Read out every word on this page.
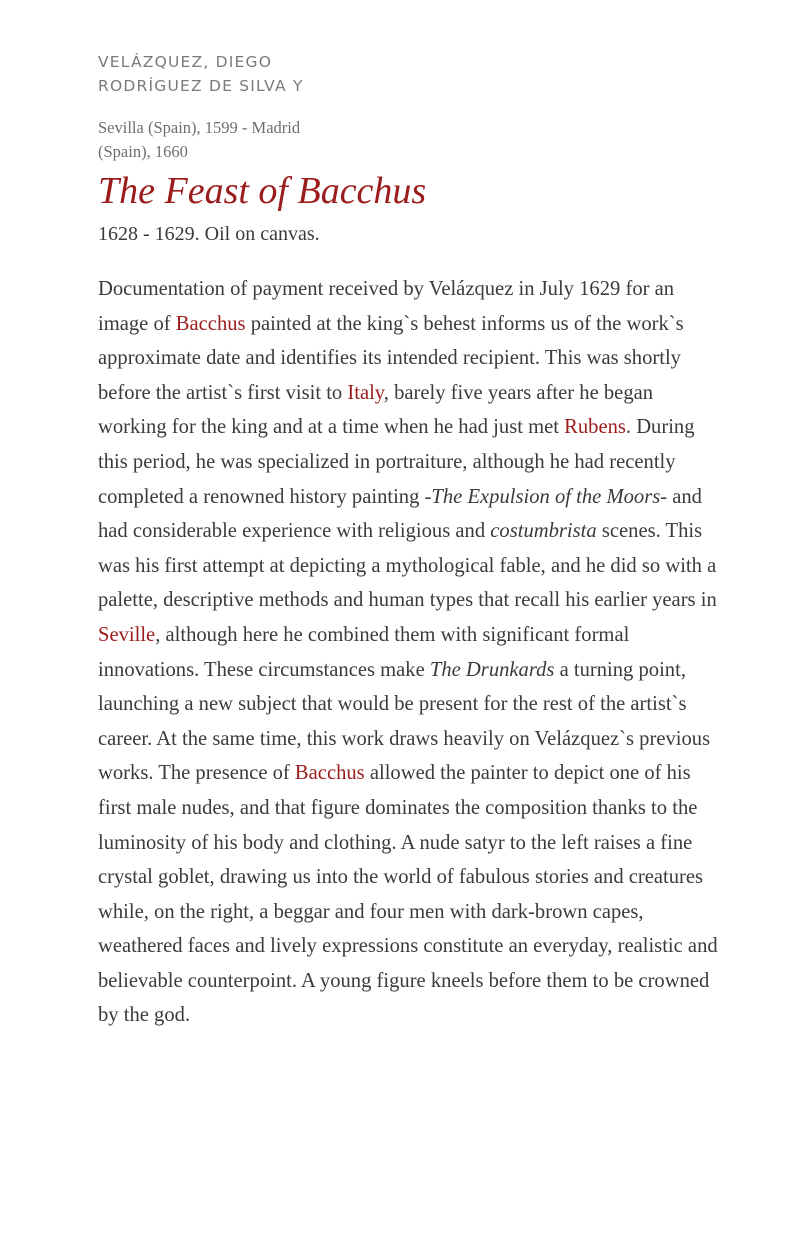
VELÁZQUEZ, DIEGO
RODRÍGUEZ DE SILVA Y
Sevilla (Spain), 1599 - Madrid (Spain), 1660
The Feast of Bacchus
1628 - 1629. Oil on canvas.
Documentation of payment received by Velázquez in July 1629 for an image of Bacchus painted at the king`s behest informs us of the work`s approximate date and identifies its intended recipient. This was shortly before the artist`s first visit to Italy, barely five years after he began working for the king and at a time when he had just met Rubens. During this period, he was specialized in portraiture, although he had recently completed a renowned history painting -The Expulsion of the Moors- and had considerable experience with religious and costumbrista scenes. This was his first attempt at depicting a mythological fable, and he did so with a palette, descriptive methods and human types that recall his earlier years in Seville, although here he combined them with significant formal innovations. These circumstances make The Drunkards a turning point, launching a new subject that would be present for the rest of the artist`s career. At the same time, this work draws heavily on Velázquez`s previous works. The presence of Bacchus allowed the painter to depict one of his first male nudes, and that figure dominates the composition thanks to the luminosity of his body and clothing. A nude satyr to the left raises a fine crystal goblet, drawing us into the world of fabulous stories and creatures while, on the right, a beggar and four men with dark-brown capes, weathered faces and lively expressions constitute an everyday, realistic and believable counterpoint. A young figure kneels before them to be crowned by the god.
